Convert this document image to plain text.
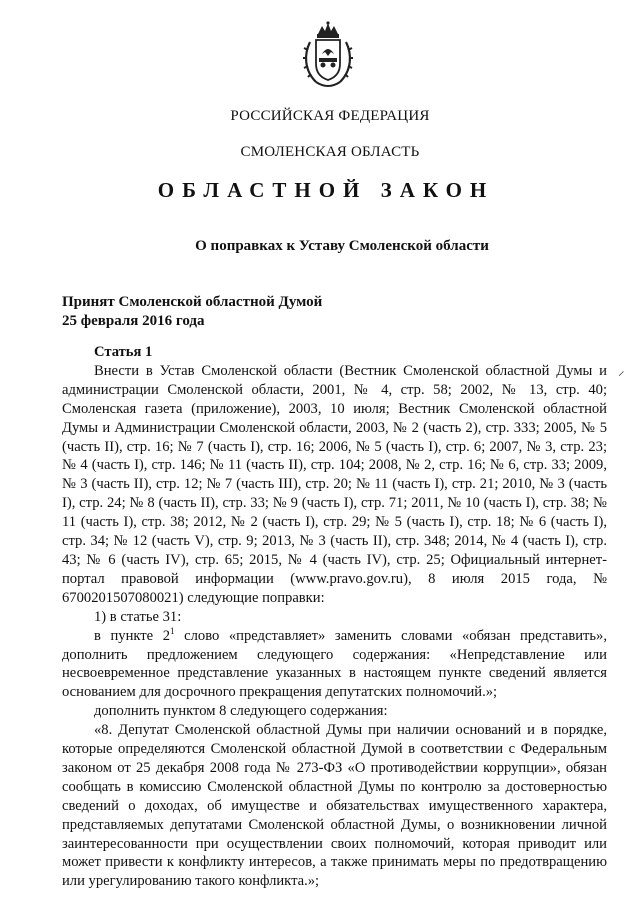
РОССИЙСКАЯ ФЕДЕРАЦИЯ
СМОЛЕНСКАЯ ОБЛАСТЬ
ОБЛАСТНОЙ ЗАКОН
О поправках к Уставу Смоленской области
Принят Смоленской областной Думой
25 февраля 2016 года
⸝

Статья 1

Внести в Устав Смоленской области (Вестник Смоленской областной Думы и администрации Смоленской области, 2001, № 4, стр. 58; 2002, № 13, стр. 40; Смоленская газета (приложение), 2003, 10 июля; Вестник Смоленской областной Думы и Администрации Смоленской области, 2003, № 2 (часть 2), стр. 333; 2005, № 5 (часть II), стр. 16; № 7 (часть I), стр. 16; 2006, № 5 (часть I), стр. 6; 2007, № 3, стр. 23; № 4 (часть I), стр. 146; № 11 (часть II), стр. 104; 2008, № 2, стр. 16; № 6, стр. 33; 2009, № 3 (часть II), стр. 12; № 7 (часть III), стр. 20; № 11 (часть I), стр. 21; 2010, № 3 (часть I), стр. 24; № 8 (часть II), стр. 33; № 9 (часть I), стр. 71; 2011, № 10 (часть I), стр. 38; № 11 (часть I), стр. 38; 2012, № 2 (часть I), стр. 29; № 5 (часть I), стр. 18; № 6 (часть I), стр. 34; № 12 (часть V), стр. 9; 2013, № 3 (часть II), стр. 348; 2014, № 4 (часть I), стр. 43; № 6 (часть IV), стр. 65; 2015, № 4 (часть IV), стр. 25; Официальный интернет-портал правовой информации (www.pravo.gov.ru), 8 июля 2015 года, № 6700201507080021) следующие поправки:

1) в статье 31:

в пункте $2^1$ слово «представляет» заменить словами «обязан представить», дополнить предложением следующего содержания: «Непредставление или несвоевременное представление указанных в настоящем пункте сведений является основанием для досрочного прекращения депутатских полномочий.»;

дополнить пунктом 8 следующего содержания:

«8. Депутат Смоленской областной Думы при наличии оснований и в порядке, которые определяются Смоленской областной Думой в соответствии с Федеральным законом от 25 декабря 2008 года № 273-ФЗ «О противодействии коррупции», обязан сообщать в комиссию Смоленской областной Думы по контролю за достоверностью сведений о доходах, об имуществе и обязательствах имущественного характера, представляемых депутатами Смоленской областной Думы, о возникновении личной заинтересованности при осуществлении своих полномочий, которая приводит или может привести к конфликту интересов, а также принимать меры по предотвращению или урегулированию такого конфликта.»;
